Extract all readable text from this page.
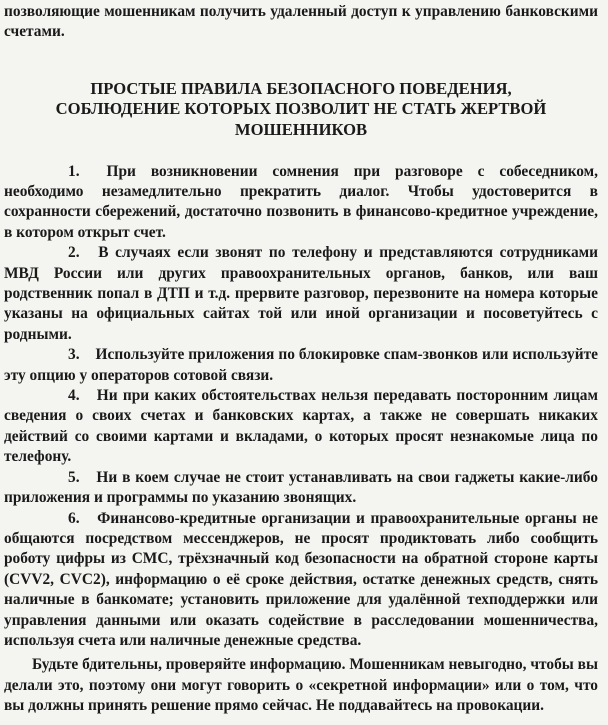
позволяющие мошенникам получить удаленный доступ к управлению банковскими счетами.

ПРОСТЫЕ ПРАВИЛА БЕЗОПАСНОГО ПОВЕДЕНИЯ,
СОБЛЮДЕНИЕ КОТОРЫХ ПОЗВОЛИТ НЕ СТАТЬ ЖЕРТВОЙ
МОШЕННИКОВ

1. При возникновении сомнения при разговоре с собеседником, необходимо незамедлительно прекратить диалог. Чтобы удостоверится в сохранности сбережений, достаточно позвонить в финансово-кредитное учреждение, в котором открыт счет.

2. В случаях если звонят по телефону и представляются сотрудниками МВД России или других правоохранительных органов, банков, или ваш родственник попал в ДТП и т.д. прервите разговор, перезвоните на номера которые указаны на официальных сайтах той или иной организации и посоветуйтесь с родными.

3. Используйте приложения по блокировке спам-звонков или используйте эту опцию у операторов сотовой связи.

4. Ни при каких обстоятельствах нельзя передавать посторонним лицам сведения о своих счетах и банковских картах, а также не совершать никаких действий со своими картами и вкладами, о которых просят незнакомые лица по телефону.

5. Ни в коем случае не стоит устанавливать на свои гаджеты какие-либо приложения и программы по указанию звонящих.

6. Финансово-кредитные организации и правоохранительные органы не общаются посредством мессенджеров, не просят продиктовать либо сообщить роботу цифры из СМС, трёхзначный код безопасности на обратной стороне карты (CVV2, CVC2), информацию о её сроке действия, остатке денежных средств, снять наличные в банкомате; установить приложение для удалённой техподдержки или управления данными или оказать содействие в расследовании мошенничества, используя счета или наличные денежные средства.

Будьте бдительны, проверяйте информацию. Мошенникам невыгодно, чтобы вы делали это, поэтому они могут говорить о «секретной информации» или о том, что вы должны принять решение прямо сейчас. Не поддавайтесь на провокации.
